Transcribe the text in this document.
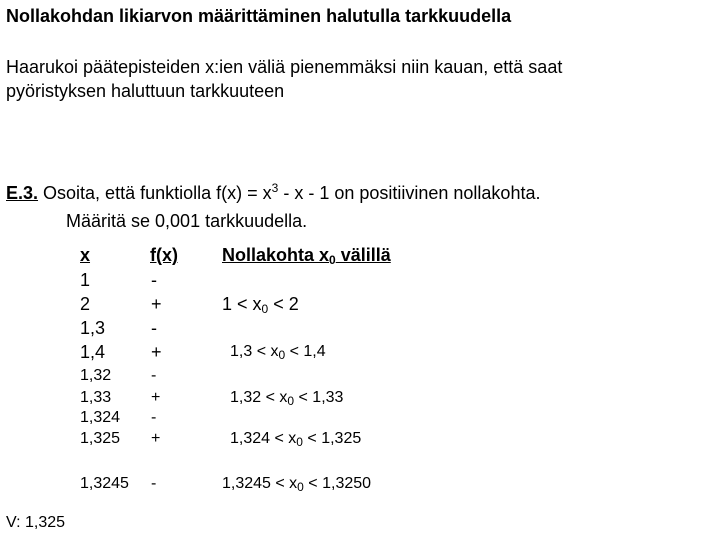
Nollakohdan likiarvon määrittäminen halutulla tarkkuudella
Haarukoi päätepisteiden x:ien väliä pienemmäksi niin kauan, että saat
pyöristyksen haluttuun tarkkuuteen
E.3. Osoita, että funktiolla $f(x) = x^3 - x - 1$ on positiivinen nollakohta.
Määritä se 0,001 tarkkuudella.
x	f(x) Nollakohta $x_0$ välillä
1
2
1,3
1,4
1,32
1,33
1,324
1,325
1,3245
-
+
-
+
-
+
-
+
-
$1 < x_0 < 2$
$1,3 < x_0 < 1,4$
$1,32 < x_0 < 1,33$
$1,324 < x_0 < 1,325$
$1,3245 < x_0 < 1,3250$
V: 1,325
